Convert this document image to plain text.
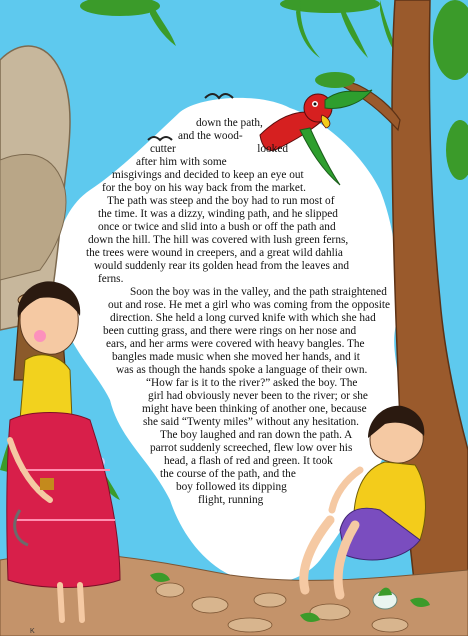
down the path,
and the wood-
cutter looked
after him with some
misgivings and decided to keep an eye out
for the boy on his way back from the market.
The path was steep and the boy had to run most of
the time. It was a dizzy, winding path, and he slipped
once or twice and slid into a bush or off the path and
down the hill. The hill was covered with lush green ferns,
the trees were wound in creepers, and a great wild dahlia
would suddenly rear its golden head from the leaves and
ferns.
Soon the boy was in the valley, and the path straightened
out and rose. He met a girl who was coming from the opposite
direction. She held a long curved knife with which she had
been cutting grass, and there were rings on her nose and
ears, and her arms were covered with heavy bangles. The
bangles made music when she moved her hands, and it
was as though the hands spoke a language of their own.
“How far is it to the river?” asked the boy. The
girl had obviously never been to the river; or she
might have been thinking of another one, because
she said “Twenty miles” without any hesitation.
The boy laughed and ran down the path. A
parrot suddenly screeched, flew low over his
head, a flash of red and green. It took
the course of the path, and the
boy followed its dipping
flight, running
K
